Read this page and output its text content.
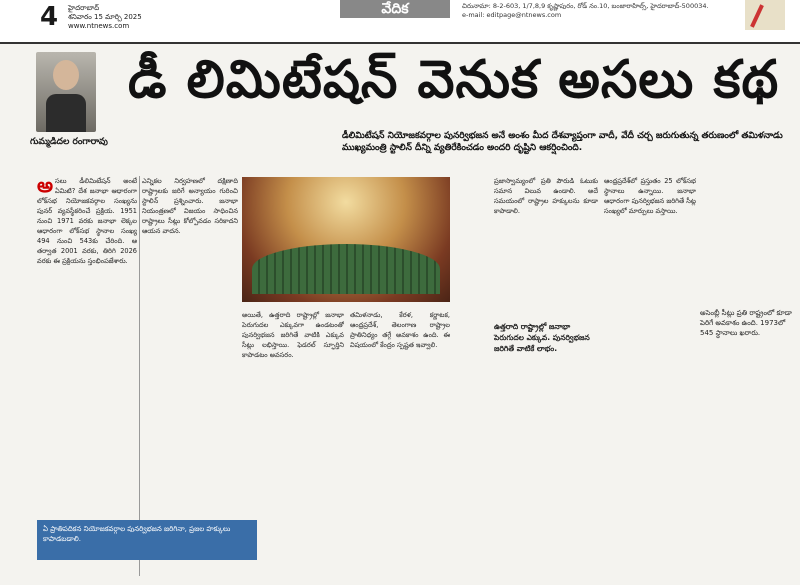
4 హైదరాబాద్
శనివారం 15 మార్చి 2025
www.ntnews.com
వేదిక	చిరునామా: 8-2-603, 1/7,8,9 కృష్ణాపురం, రోడ్ నం.10, బంజారాహిల్స్, హైదరాబాద్-500034.
e-mail: editpage@ntnews.com
గుమ్మడిదల రంగారావు
డీ లిమిటేషన్ వెనుక అసలు కథ
డీలిమిటేషన్ నియోజకవర్గాల పునర్విభజన అనే అంశం మీద దేశవ్యాప్తంగా వాదీ, వేదీ చర్చ జరుగుతున్న తరుణంలో తమిళనాడు ముఖ్యమంత్రి స్టాలిన్ దీన్ని వ్యతిరేకించడం అందరి దృష్టిని ఆకర్షించింది.
అ సలు డీలిమిటేషన్ అంటే ఏమిటి? దేశ జనాభా ఆధారంగా లోక్‌సభ నియోజకవర్గాల సంఖ్యను పునర్ వ్యవస్థీకరించే ప్రక్రియ. 1951 నుంచి 1971 వరకు జనాభా లెక్కల ఆధారంగా లోక్‌సభ స్థానాల సంఖ్య 494 నుంచి 543కు చేరింది. ఆ తర్వాత 2001 వరకు, తిరిగి 2026 వరకు ఈ ప్రక్రియను స్తంభింపజేశారు.

ఎన్నికల నిర్వహణలో దక్షిణాది రాష్ట్రాలకు జరిగే అన్యాయం గురించి స్టాలిన్ ప్రశ్నించారు. జనాభా నియంత్రణలో విజయం సాధించిన రాష్ట్రాలు సీట్లు కోల్పోవడం సరికాదని ఆయన వాదన.

అయితే, ఉత్తరాది రాష్ట్రాల్లో జనాభా పెరుగుదల ఎక్కువగా ఉండటంతో పునర్విభజన జరిగితే వాటికి ఎక్కువ సీట్లు లభిస్తాయి. ఫెడరల్ స్ఫూర్తిని కాపాడటం అవసరం.

తమిళనాడు, కేరళ, కర్ణాటక, ఆంధ్రప్రదేశ్, తెలంగాణ రాష్ట్రాల ప్రాతినిధ్యం తగ్గే అవకాశం ఉంది. ఈ విషయంలో కేంద్రం స్పష్టత ఇవ్వాలి.

ప్రజాస్వామ్యంలో ప్రతి పౌరుడి ఓటుకు సమాన విలువ ఉండాలి. అదే సమయంలో రాష్ట్రాల హక్కులను కూడా కాపాడాలి.

ఉత్తరాది రాష్ట్రాల్లో జనాభా పెరుగుదల ఎక్కువ. పునర్విభజన జరిగితే వాటికే లాభం.

ఆంధ్రప్రదేశ్‌లో ప్రస్తుతం 25 లోక్‌సభ స్థానాలు ఉన్నాయి. జనాభా ఆధారంగా పునర్విభజన జరిగితే సీట్ల సంఖ్యలో మార్పులు వస్తాయి.

అసెంబ్లీ సీట్లు ప్రతి రాష్ట్రంలో కూడా పెరిగే అవకాశం ఉంది. 1973లో 545 స్థానాలు ఖరారు.
ఏ ప్రాతిపదికన నియోజకవర్గాల పునర్విభజన జరిగినా, ప్రజల హక్కులు కాపాడబడాలి.
